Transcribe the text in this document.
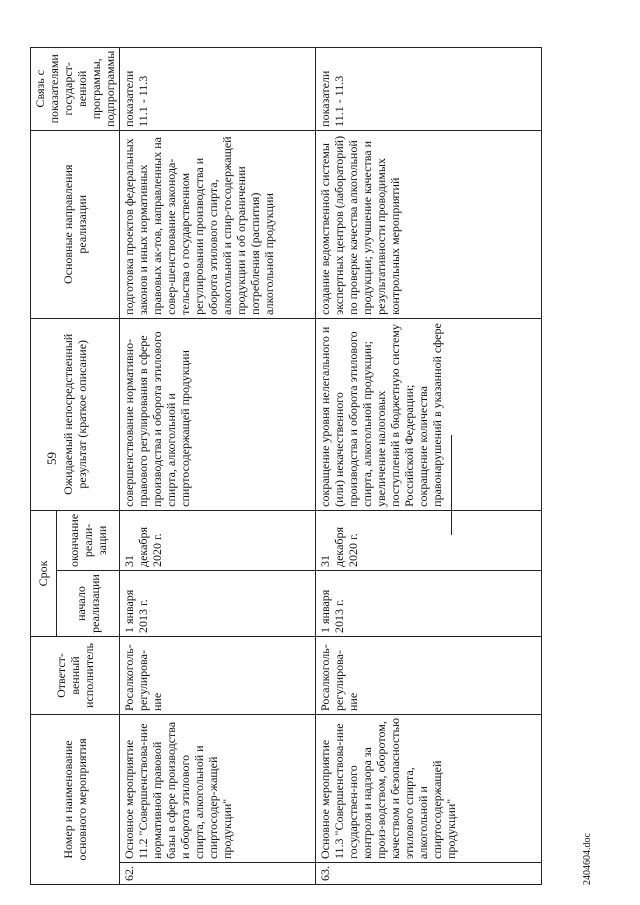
59
Номер и наименование основного мероприятия		Ответст-венный исполнитель	Срок		Ожидаемый непосредственный результат (краткое описание)	Основные направления реализации	Связь с показателями государст-венной программы, подпрограммы
			начало реализации	окончание реали-зации			
62.	Основное мероприятие 11.2 "Совершенствова-ние нормативной правовой базы в сфере производства и оборота этилового спирта, алкогольной и спиртосодер-жащей продукции"	Росалкоголь-регулирова-ние	1 января 2013 г.	31 декабря 2020 г.	совершенствование нормативно-правового регулирования в сфере производства и оборота этилового спирта, алкогольной и спиртосодержащей продукции	подготовка проектов федеральных законов и иных нормативных правовых ак-тов, направленных на совер-шенствование законода-тельства о государственном регулировании производства и оборота этилового спирта, алкогольной и спир-тосодержащей продукции и об ограничении потребления (распития) алкогольной продукции	показатели 11.1 - 11.3
63.	Основное мероприятие 11.3 "Совершенствова-ние государствен-ного контроля и надзора за произ-водством, оборотом, качеством и безопасностью этилового спирта, алкогольной и спиртосодержащей продукции"	Росалкоголь-регулирова-ние	1 января 2013 г.	31 декабря 2020 г.	сокращение уровня нелегального и (или) некачественного производства и оборота этилового спирта, алкогольной продукции; увеличение налоговых поступлений в бюджетную систему Российской Федерации; сокращение количества правонарушений в указанной сфере	создание ведомственной системы экспертных центров (лабораторий) по проверке качества алкогольной продукции; улучшение качества и результативности проводимых контрольных мероприятий	показатели 11.1 - 11.3
2404604.doc
